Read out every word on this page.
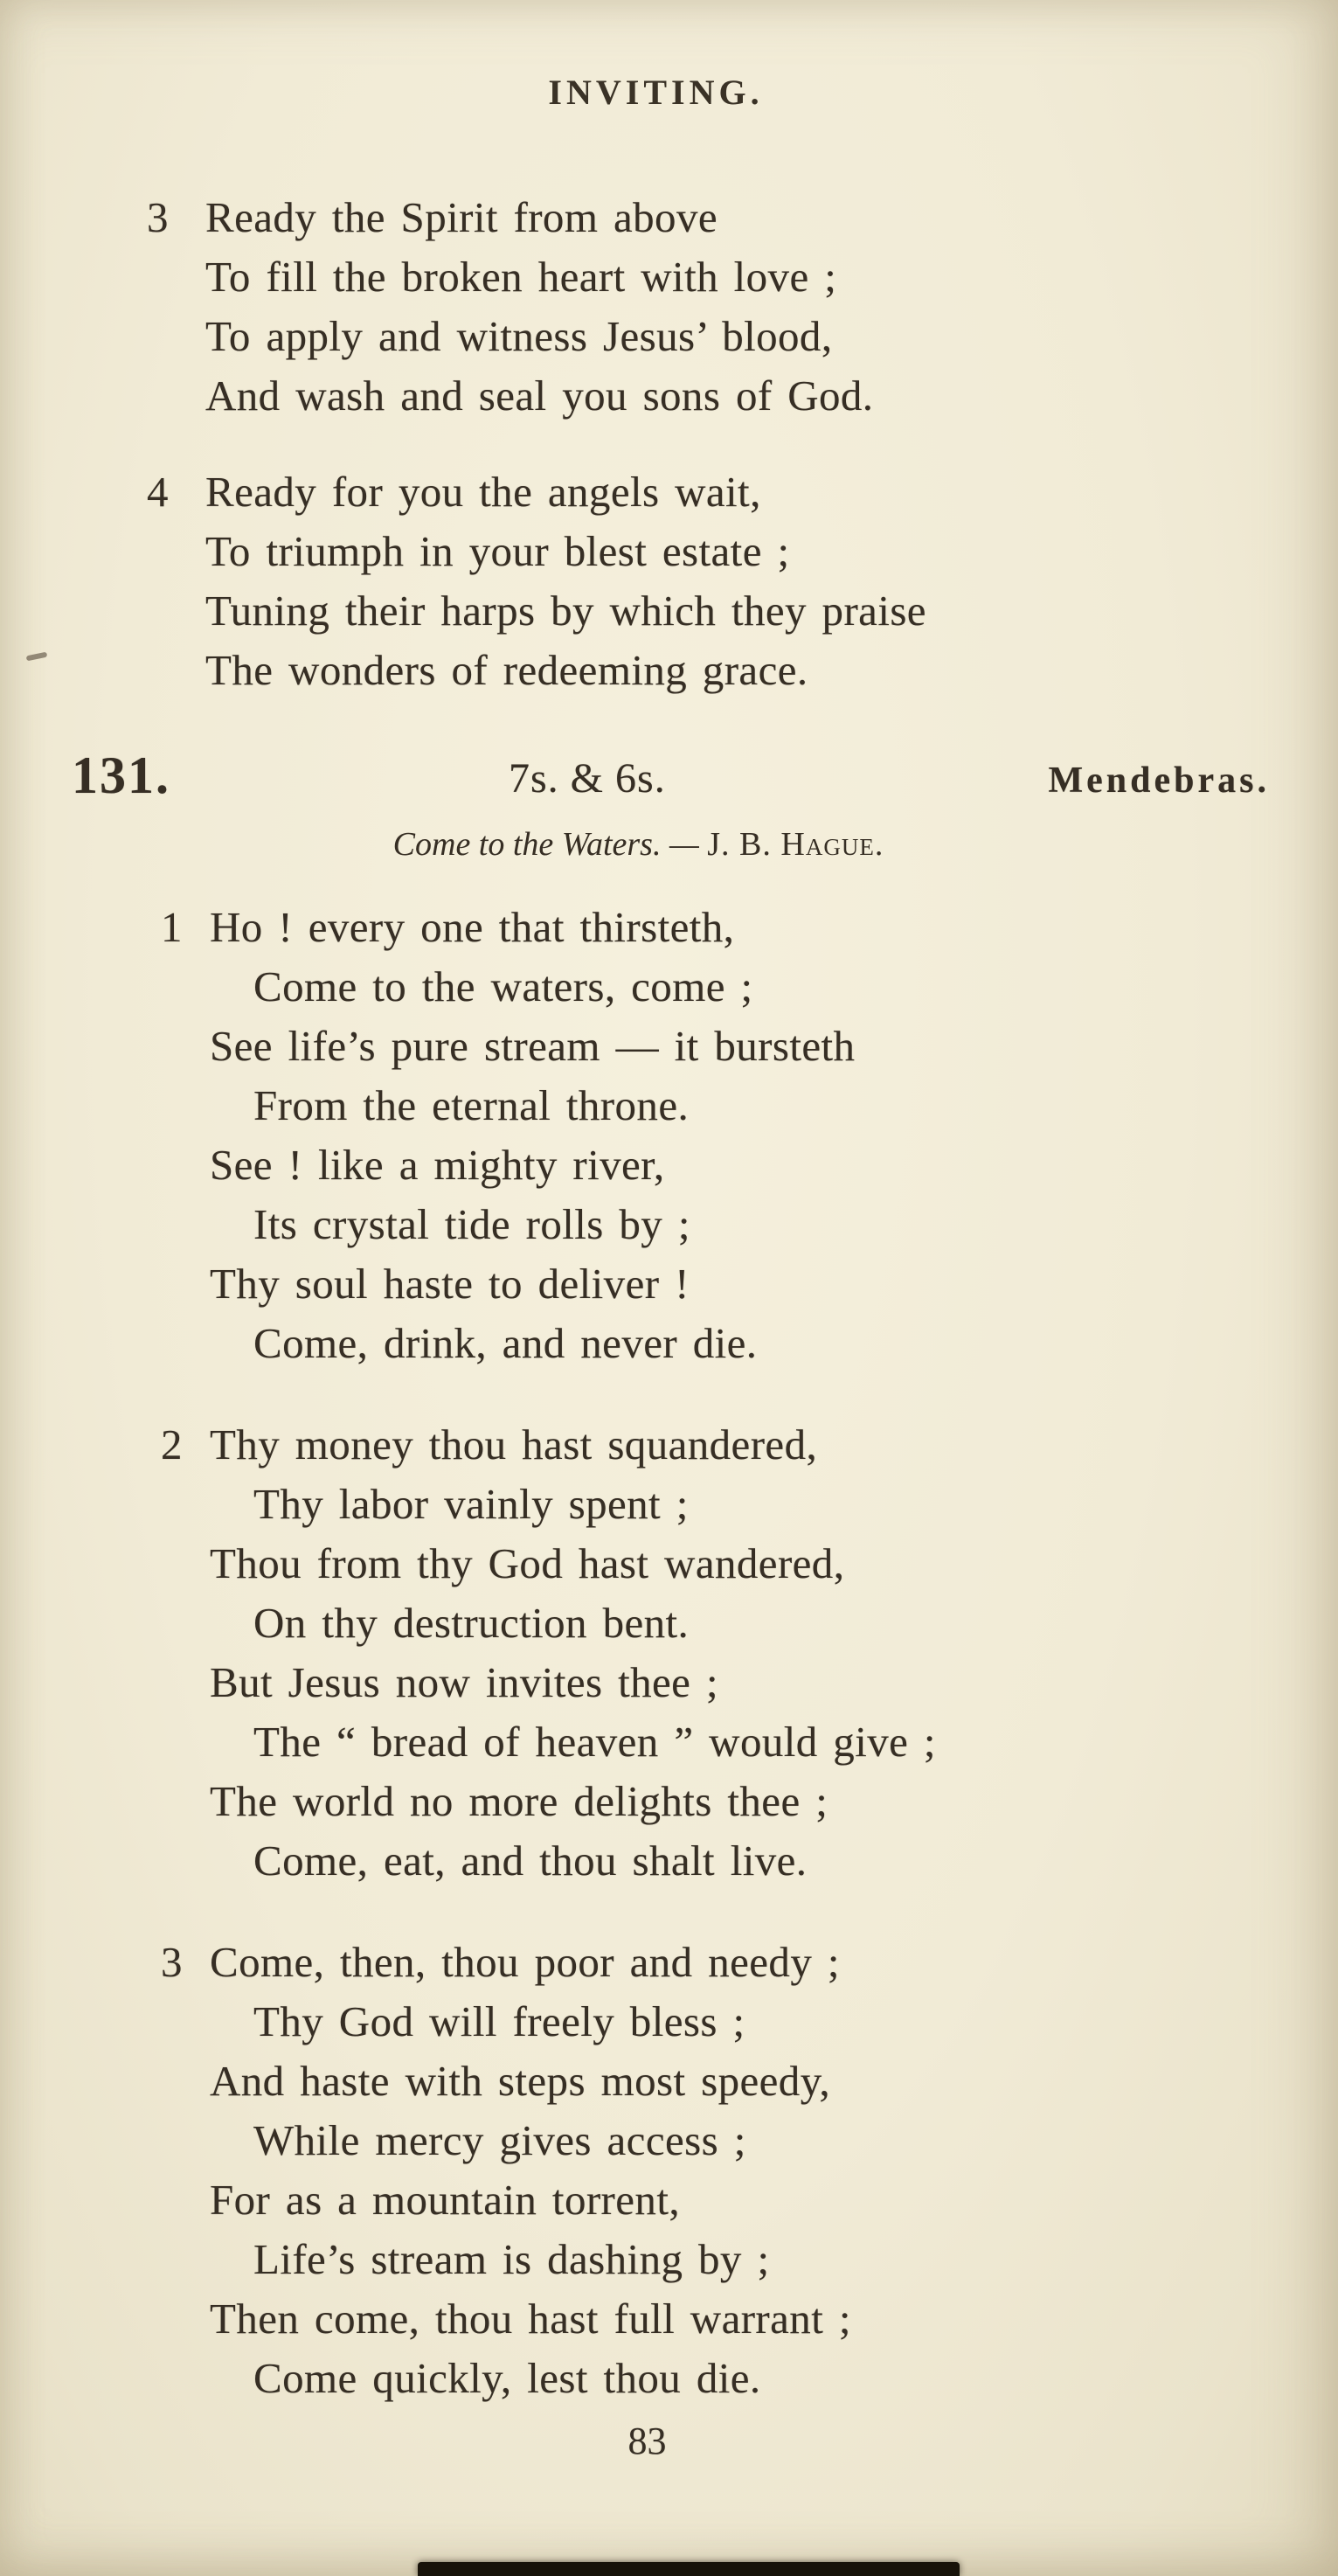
INVITING.
3 Ready the Spirit from above
To fill the broken heart with love ;
To apply and witness Jesus’ blood,
And wash and seal you sons of God.
4 Ready for you the angels wait,
To triumph in your blest estate ;
Tuning their harps by which they praise
The wonders of redeeming grace.
131.	7s. & 6s.	Mendebras.
Come to the Waters. — J. B. Hague.
1 Ho ! every one that thirsteth,
Come to the waters, come ;
See life’s pure stream — it bursteth
From the eternal throne.
See ! like a mighty river,
Its crystal tide rolls by ;
Thy soul haste to deliver !
Come, drink, and never die.
2 Thy money thou hast squandered,
Thy labor vainly spent ;
Thou from thy God hast wandered,
On thy destruction bent.
But Jesus now invites thee ;
The “ bread of heaven ” would give ;
The world no more delights thee ;
Come, eat, and thou shalt live.
3 Come, then, thou poor and needy ;
Thy God will freely bless ;
And haste with steps most speedy,
While mercy gives access ;
For as a mountain torrent,
Life’s stream is dashing by ;
Then come, thou hast full warrant ;
Come quickly, lest thou die.
83
